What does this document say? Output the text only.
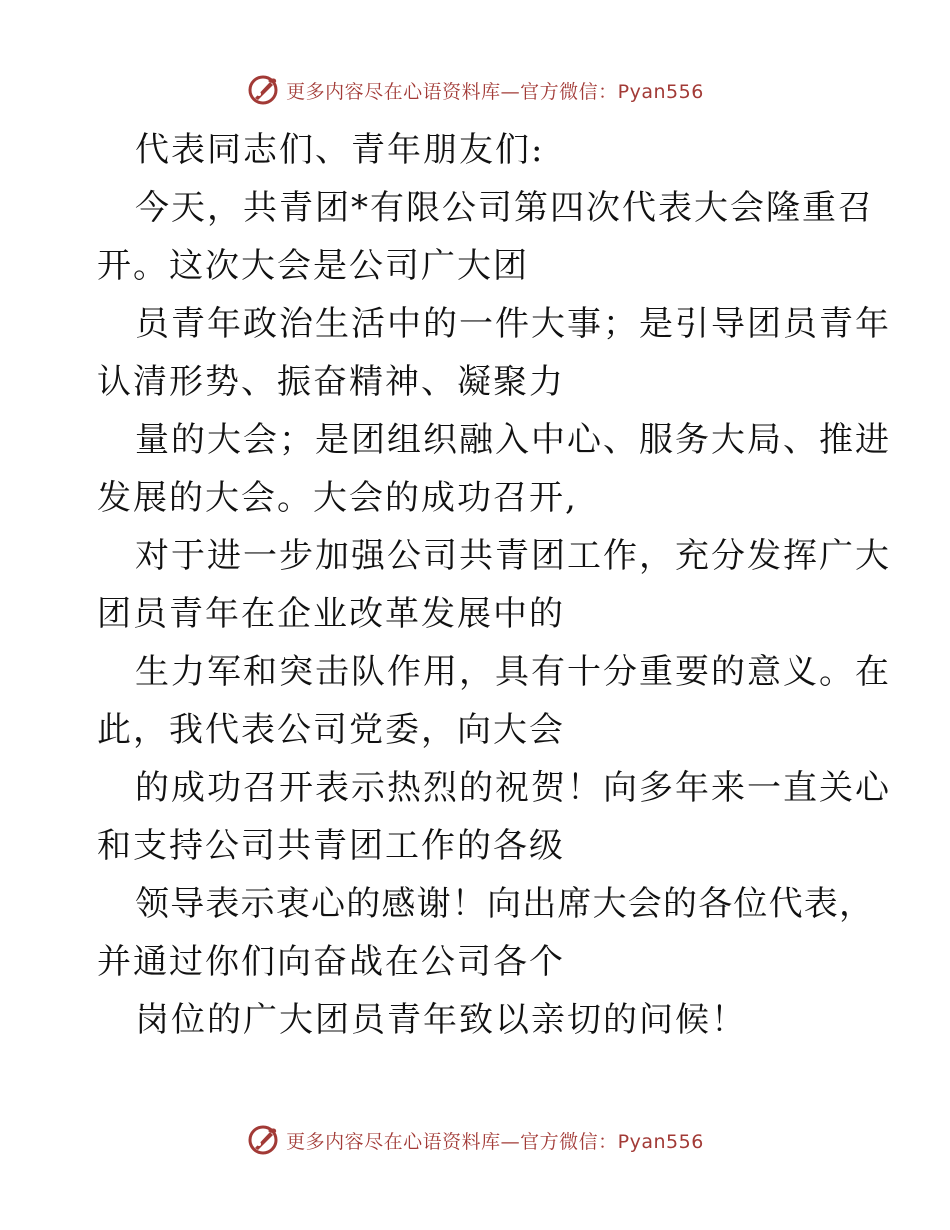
更多内容尽在心语资料库—官方微信：Pyan556
代表同志们、青年朋友们:
今天，共青团*有限公司第四次代表大会隆重召
开。这次大会是公司广大团
员青年政治生活中的一件大事；是引导团员青年
认清形势、振奋精神、凝聚力
量的大会；是团组织融入中心、服务大局、推进
发展的大会。大会的成功召开,
对于进一步加强公司共青团工作，充分发挥广大
团员青年在企业改革发展中的
生力军和突击队作用，具有十分重要的意义。在
此，我代表公司党委，向大会
的成功召开表示热烈的祝贺！向多年来一直关心
和支持公司共青团工作的各级
领导表示衷心的感谢！向出席大会的各位代表，
并通过你们向奋战在公司各个
岗位的广大团员青年致以亲切的问候！
更多内容尽在心语资料库—官方微信：Pyan556
